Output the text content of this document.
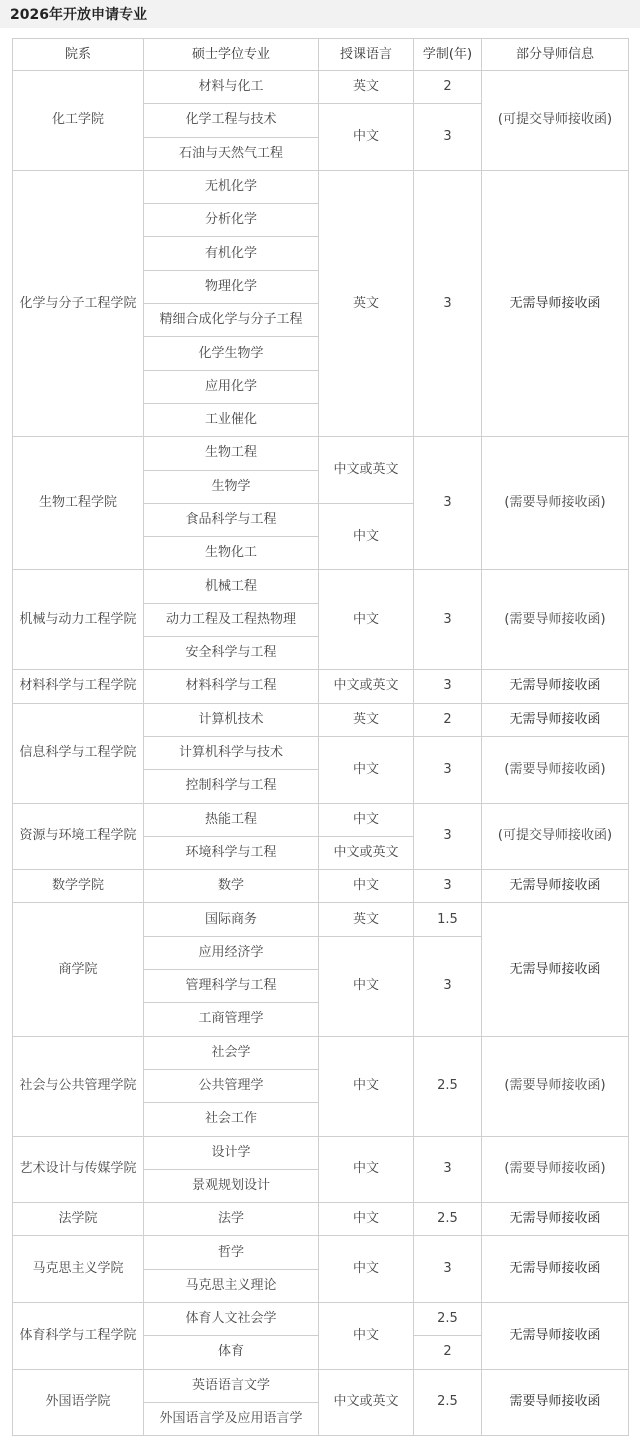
2026年开放申请专业
院系	硕士学位专业	授课语言	学制(年)	部分导师信息
化工学院	材料与化工	英文	2	(可提交导师接收函)
	化学工程与技术	中文	3	
	石油与天然气工程			
化学与分子工程学院	无机化学	英文	3	无需导师接收函
	分析化学			
	有机化学			
	物理化学			
	精细合成化学与分子工程			
	化学生物学			
	应用化学			
	工业催化			
生物工程学院	生物工程	中文或英文	3	(需要导师接收函)
	生物学			
	食品科学与工程	中文		
	生物化工			
机械与动力工程学院	机械工程	中文	3	(需要导师接收函)
	动力工程及工程热物理			
	安全科学与工程			
材料科学与工程学院	材料科学与工程	中文或英文	3	无需导师接收函
信息科学与工程学院	计算机技术	英文	2	无需导师接收函
	计算机科学与技术	中文	3	(需要导师接收函)
	控制科学与工程			
资源与环境工程学院	热能工程	中文	3	(可提交导师接收函)
	环境科学与工程	中文或英文		
数学学院	数学	中文	3	无需导师接收函
商学院	国际商务	英文	1.5	无需导师接收函
	应用经济学	中文	3	
	管理科学与工程			
	工商管理学			
社会与公共管理学院	社会学	中文	2.5	(需要导师接收函)
	公共管理学			
	社会工作			
艺术设计与传媒学院	设计学	中文	3	(需要导师接收函)
	景观规划设计			
法学院	法学	中文	2.5	无需导师接收函
马克思主义学院	哲学	中文	3	无需导师接收函
	马克思主义理论			
体育科学与工程学院	体育人文社会学	中文	2.5	无需导师接收函
	体育		2	
外国语学院	英语语言文学	中文或英文	2.5	需要导师接收函
	外国语言学及应用语言学			
